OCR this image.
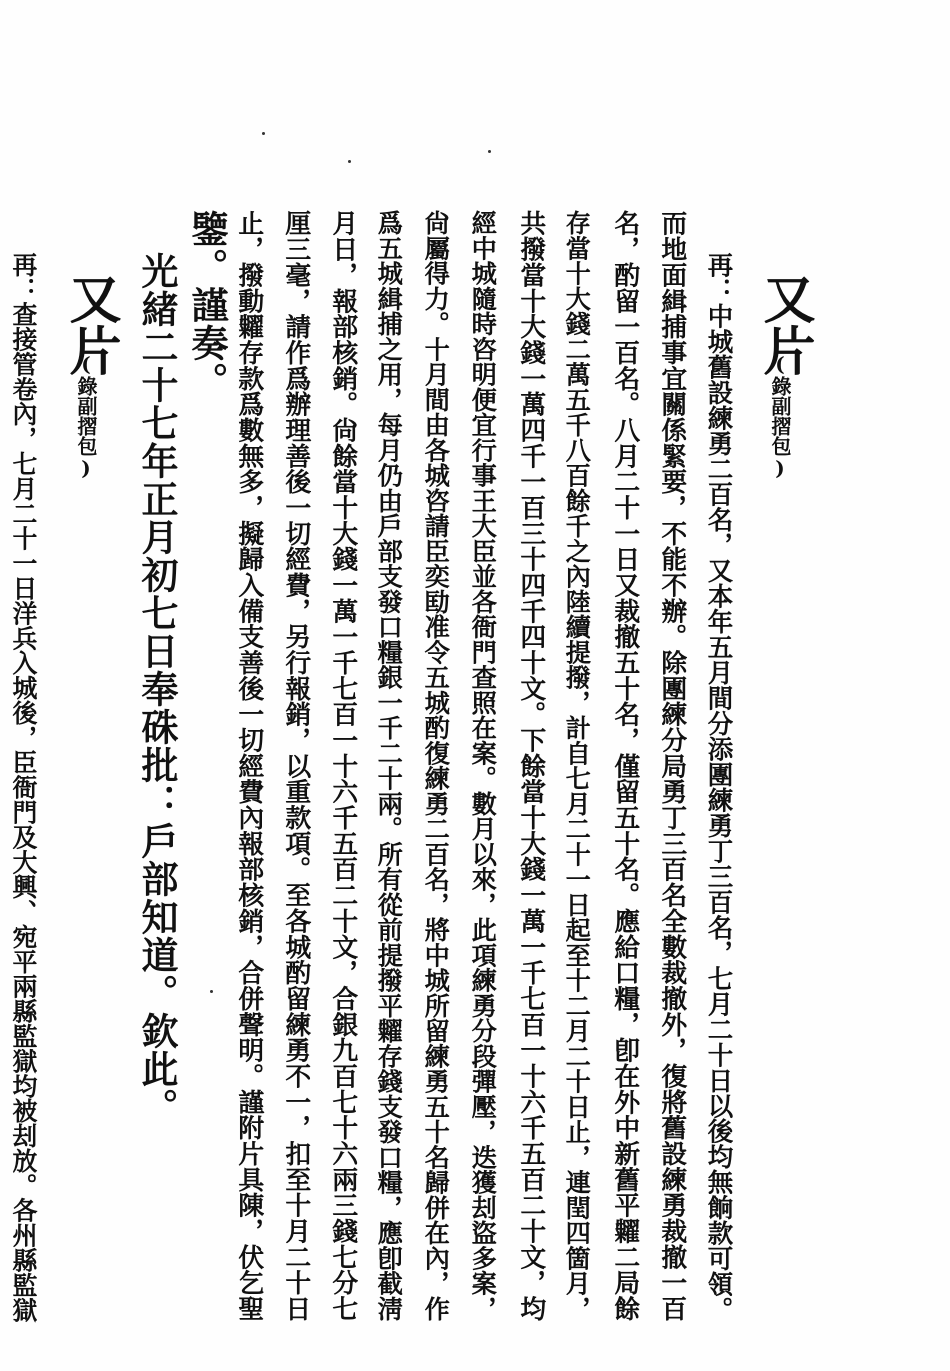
又片
(錄副摺包)
再：中城舊設練勇二百名，又本年五月間分添團練勇丁三百名，七月二十日以後均無餉款可領。
而地面緝捕事宜關係緊要，不能不辦。除團練分局勇丁三百名全數裁撤外，復將舊設練勇裁撤一百
名，酌留一百名。八月二十一日又裁撤五十名，僅留五十名。應給口糧，卽在外中新舊平糶二局餘
存當十大錢二萬五千八百餘千之內陸續提撥，計自七月二十一日起至十二月二十日止，連閏四箇月，
共撥當十大錢一萬四千一百三十四千四十文。下餘當十大錢一萬一千七百一十六千五百二十文，均
經中城隨時咨明便宜行事王大臣並各衙門查照在案。數月以來，此項練勇分段彈壓，迭獲刦盜多案，
尙屬得力。十月間由各城咨請臣奕劻准令五城酌復練勇二百名，將中城所留練勇五十名歸併在內，作
爲五城緝捕之用，每月仍由戶部支發口糧銀一千二十兩。所有從前提撥平糶存錢支發口糧，應卽截淸
月日，報部核銷。尙餘當十大錢一萬一千七百一十六千五百二十文，合銀九百七十六兩三錢七分七
厘三毫，請作爲辦理善後一切經費，另行報銷，以重款項。至各城酌留練勇不一，扣至十月二十日
止，撥動糶存款爲數無多，擬歸入備支善後一切經費內報部核銷，合併聲明。謹附片具陳，伏乞聖
鑒。謹奏。
光緒二十七年正月初七日奉硃批：戶部知道。欽此。
又片
(錄副摺包)
再：查接管卷內，七月二十一日洋兵入城後，臣衙門及大興、宛平兩縣監獄均被刦放。各州縣監獄
